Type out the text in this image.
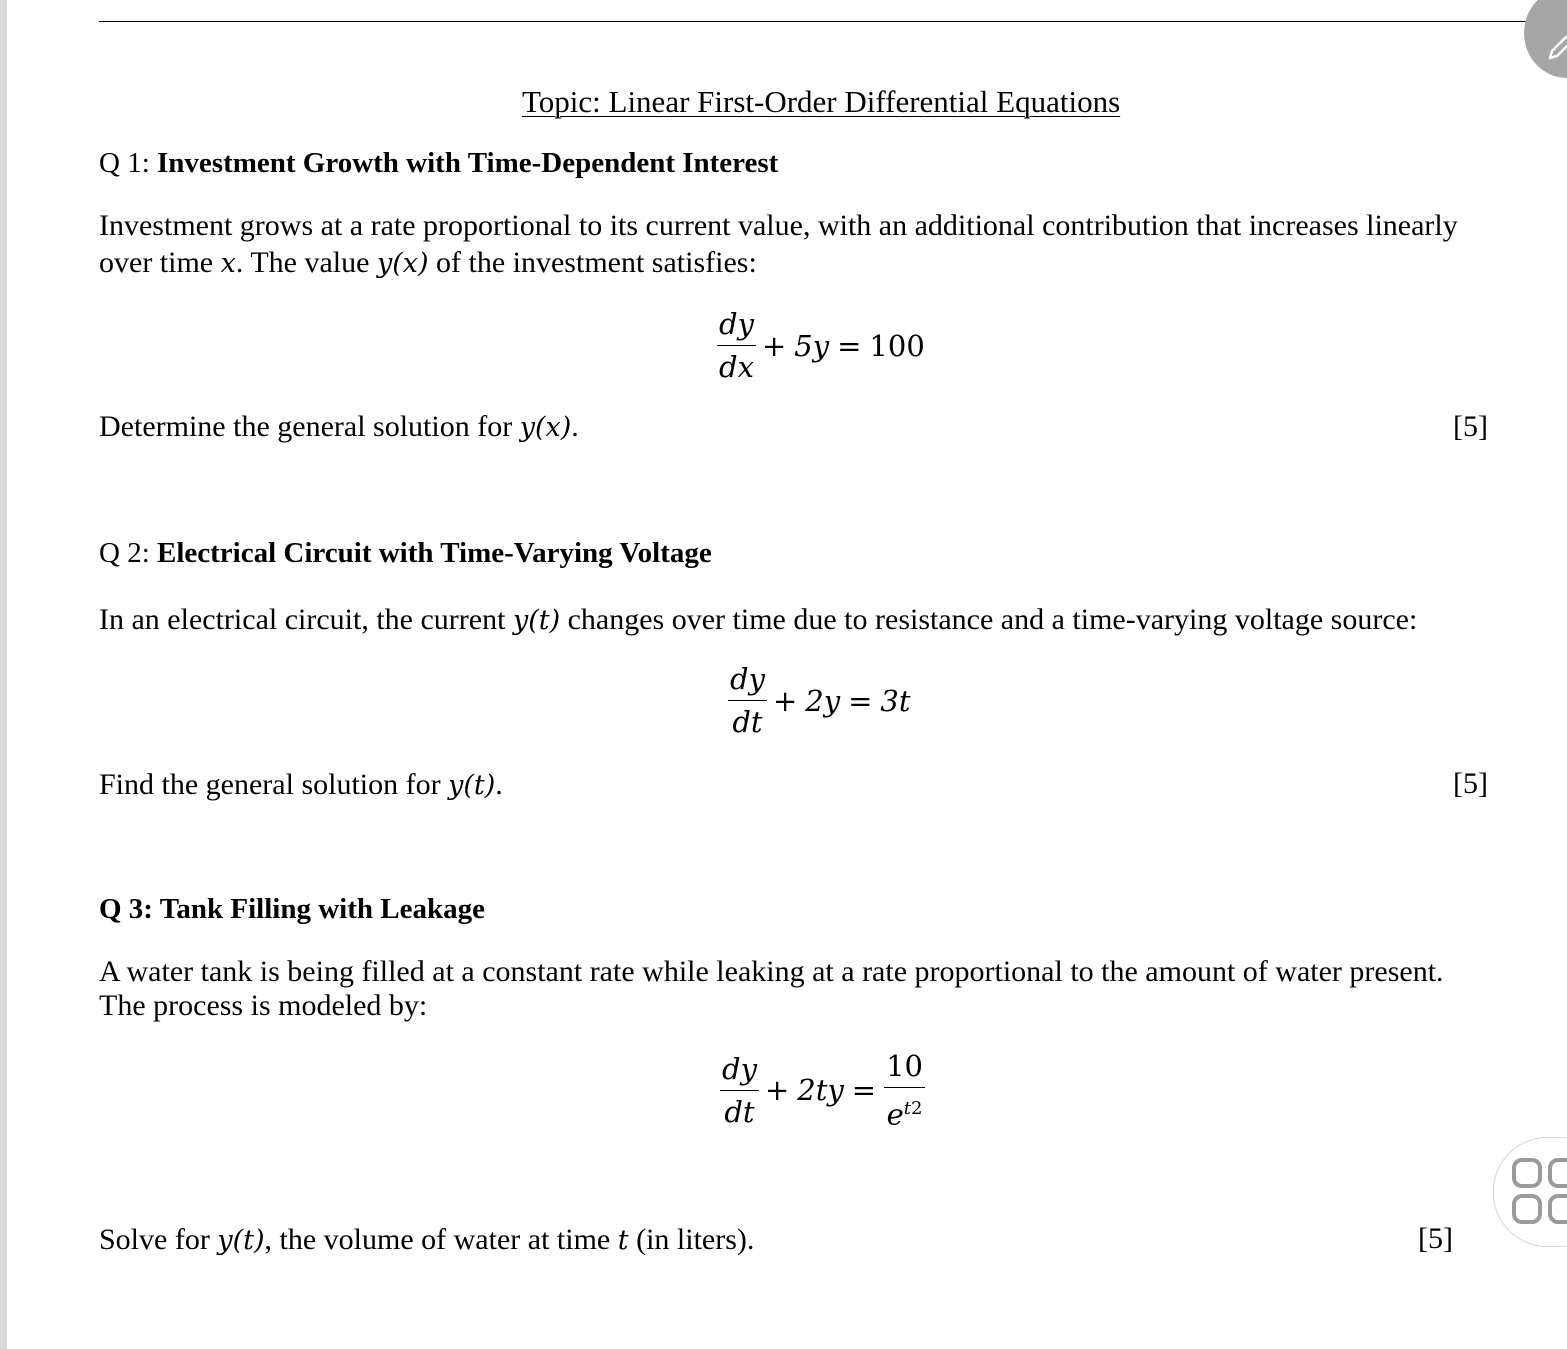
Topic: Linear First-Order Differential Equations
Q 1: Investment Growth with Time-Dependent Interest
Investment grows at a rate proportional to its current value, with an additional contribution that increases linearly
over time x. The value y(x) of the investment satisfies:
$\frac{dy}{dx} + 5y = 100$
Determine the general solution for y(x).	[5]
Q 2: Electrical Circuit with Time-Varying Voltage
In an electrical circuit, the current y(t) changes over time due to resistance and a time-varying voltage source:
$\frac{dy}{dt} + 2y = 3t$
Find the general solution for y(t).	[5]
Q 3: Tank Filling with Leakage
A water tank is being filled at a constant rate while leaking at a rate proportional to the amount of water present.
The process is modeled by:
$\frac{dy}{dt} + 2ty = \frac{10}{e^{t2}}$
Solve for y(t), the volume of water at time t (in liters).	[5]
